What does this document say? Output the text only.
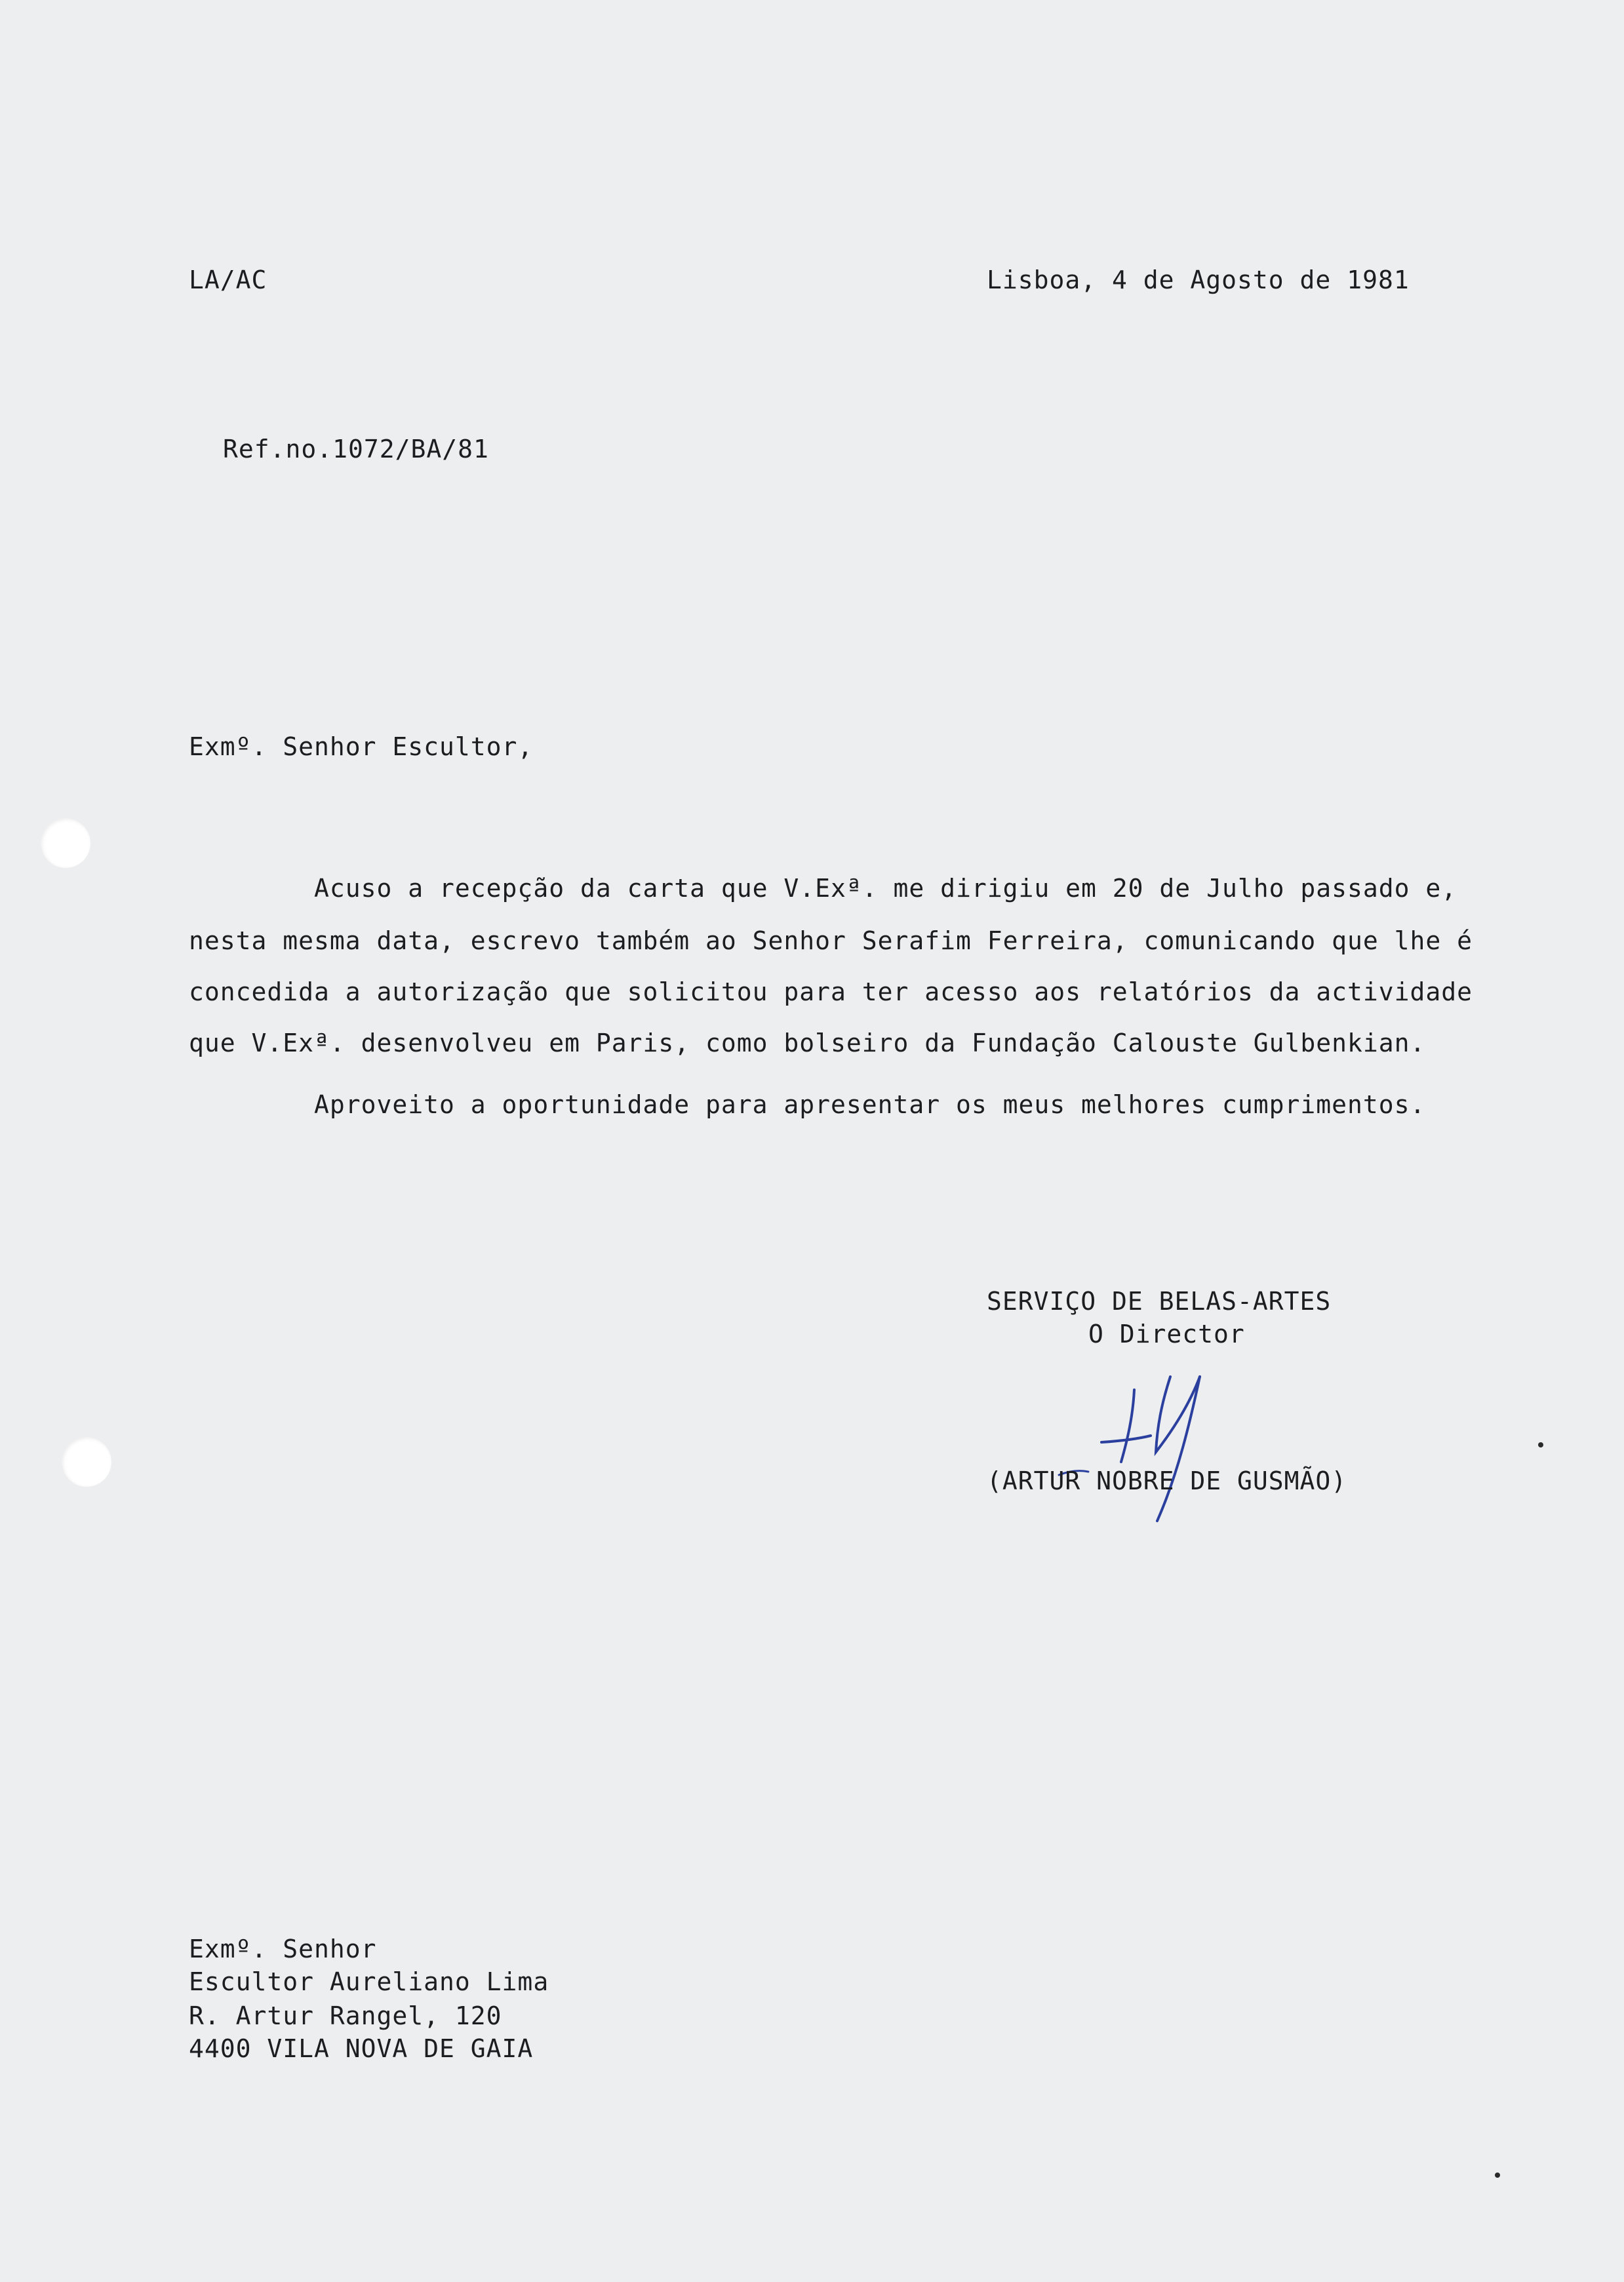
LA/AC	Lisboa, 4 de Agosto de 1981
Ref.no.1072/BA/81
Exmº. Senhor Escultor,
Acuso a recepção da carta que V.Exª. me dirigiu em 20 de Julho passado e,
nesta mesma data, escrevo também ao Senhor Serafim Ferreira, comunicando que lhe é
concedida a autorização que solicitou para ter acesso aos relatórios da actividade
que V.Exª. desenvolveu em Paris, como bolseiro da Fundação Calouste Gulbenkian.
Aproveito a oportunidade para apresentar os meus melhores cumprimentos.
SERVIÇO DE BELAS-ARTES
O Director
(ARTUR NOBRE DE GUSMÃO)
Exmº. Senhor
Escultor Aureliano Lima
R. Artur Rangel, 120
4400 VILA NOVA DE GAIA
